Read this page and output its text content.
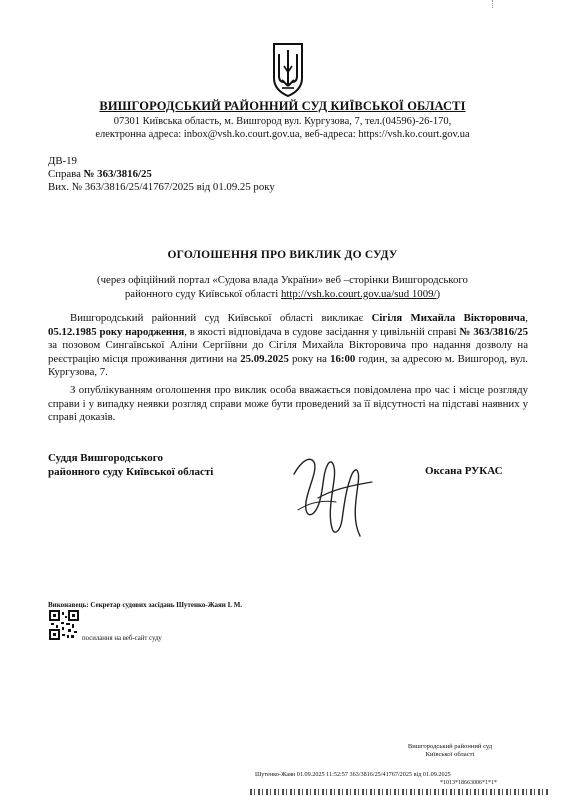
ВИШГОРОДСЬКИЙ РАЙОННИЙ СУД КИЇВСЬКОЇ ОБЛАСТІ
07301 Київська область, м. Вишгород вул. Кургузова, 7, тел.(04596)-26-170,
електронна адреса: inbox@vsh.ko.court.gov.ua, веб-адреса: https://vsh.ko.court.gov.ua
ДВ-19
Справа № 363/3816/25
Вих. № 363/3816/25/41767/2025 від 01.09.25 року
ОГОЛОШЕННЯ ПРО ВИКЛИК ДО СУДУ
(через офіційний портал «Судова влада України» веб –сторінки Вишгородського районного суду Київської області http://vsh.ko.court.gov.ua/sud 1009/)
Вишгородський районний суд Київської області викликає Сігіля Михайла Вікторовича, 05.12.1985 року народження, в якості відповідача в судове засідання у цивільній справі № 363/3816/25 за позовом Сингаївської Аліни Сергіївни до Сігіля Михайла Вікторовича про надання дозволу на реєстрацію місця проживання дитини на 25.09.2025 року на 16:00 годин, за адресою м. Вишгород, вул. Кургузова, 7.
З опублікуванням оголошення про виклик особа вважається повідомлена про час і місце розгляду справи і у випадку неявки розгляд справи може бути проведений за її відсутності на підставі наявних у справі доказів.
Суддя Вишгородського
районного суду Київської області	Оксана РУКАС
Виконавець: Секретар судових засідань Шутенко-Жаян І. М.
посилання на веб-сайт суду
Вишгородський районний суд
Київської області
Шутенко-Жаян 01.09.2025 11:52:57 363/3816/25/41767/2025 від 01.09.2025
*1013*18663006*1*1*
